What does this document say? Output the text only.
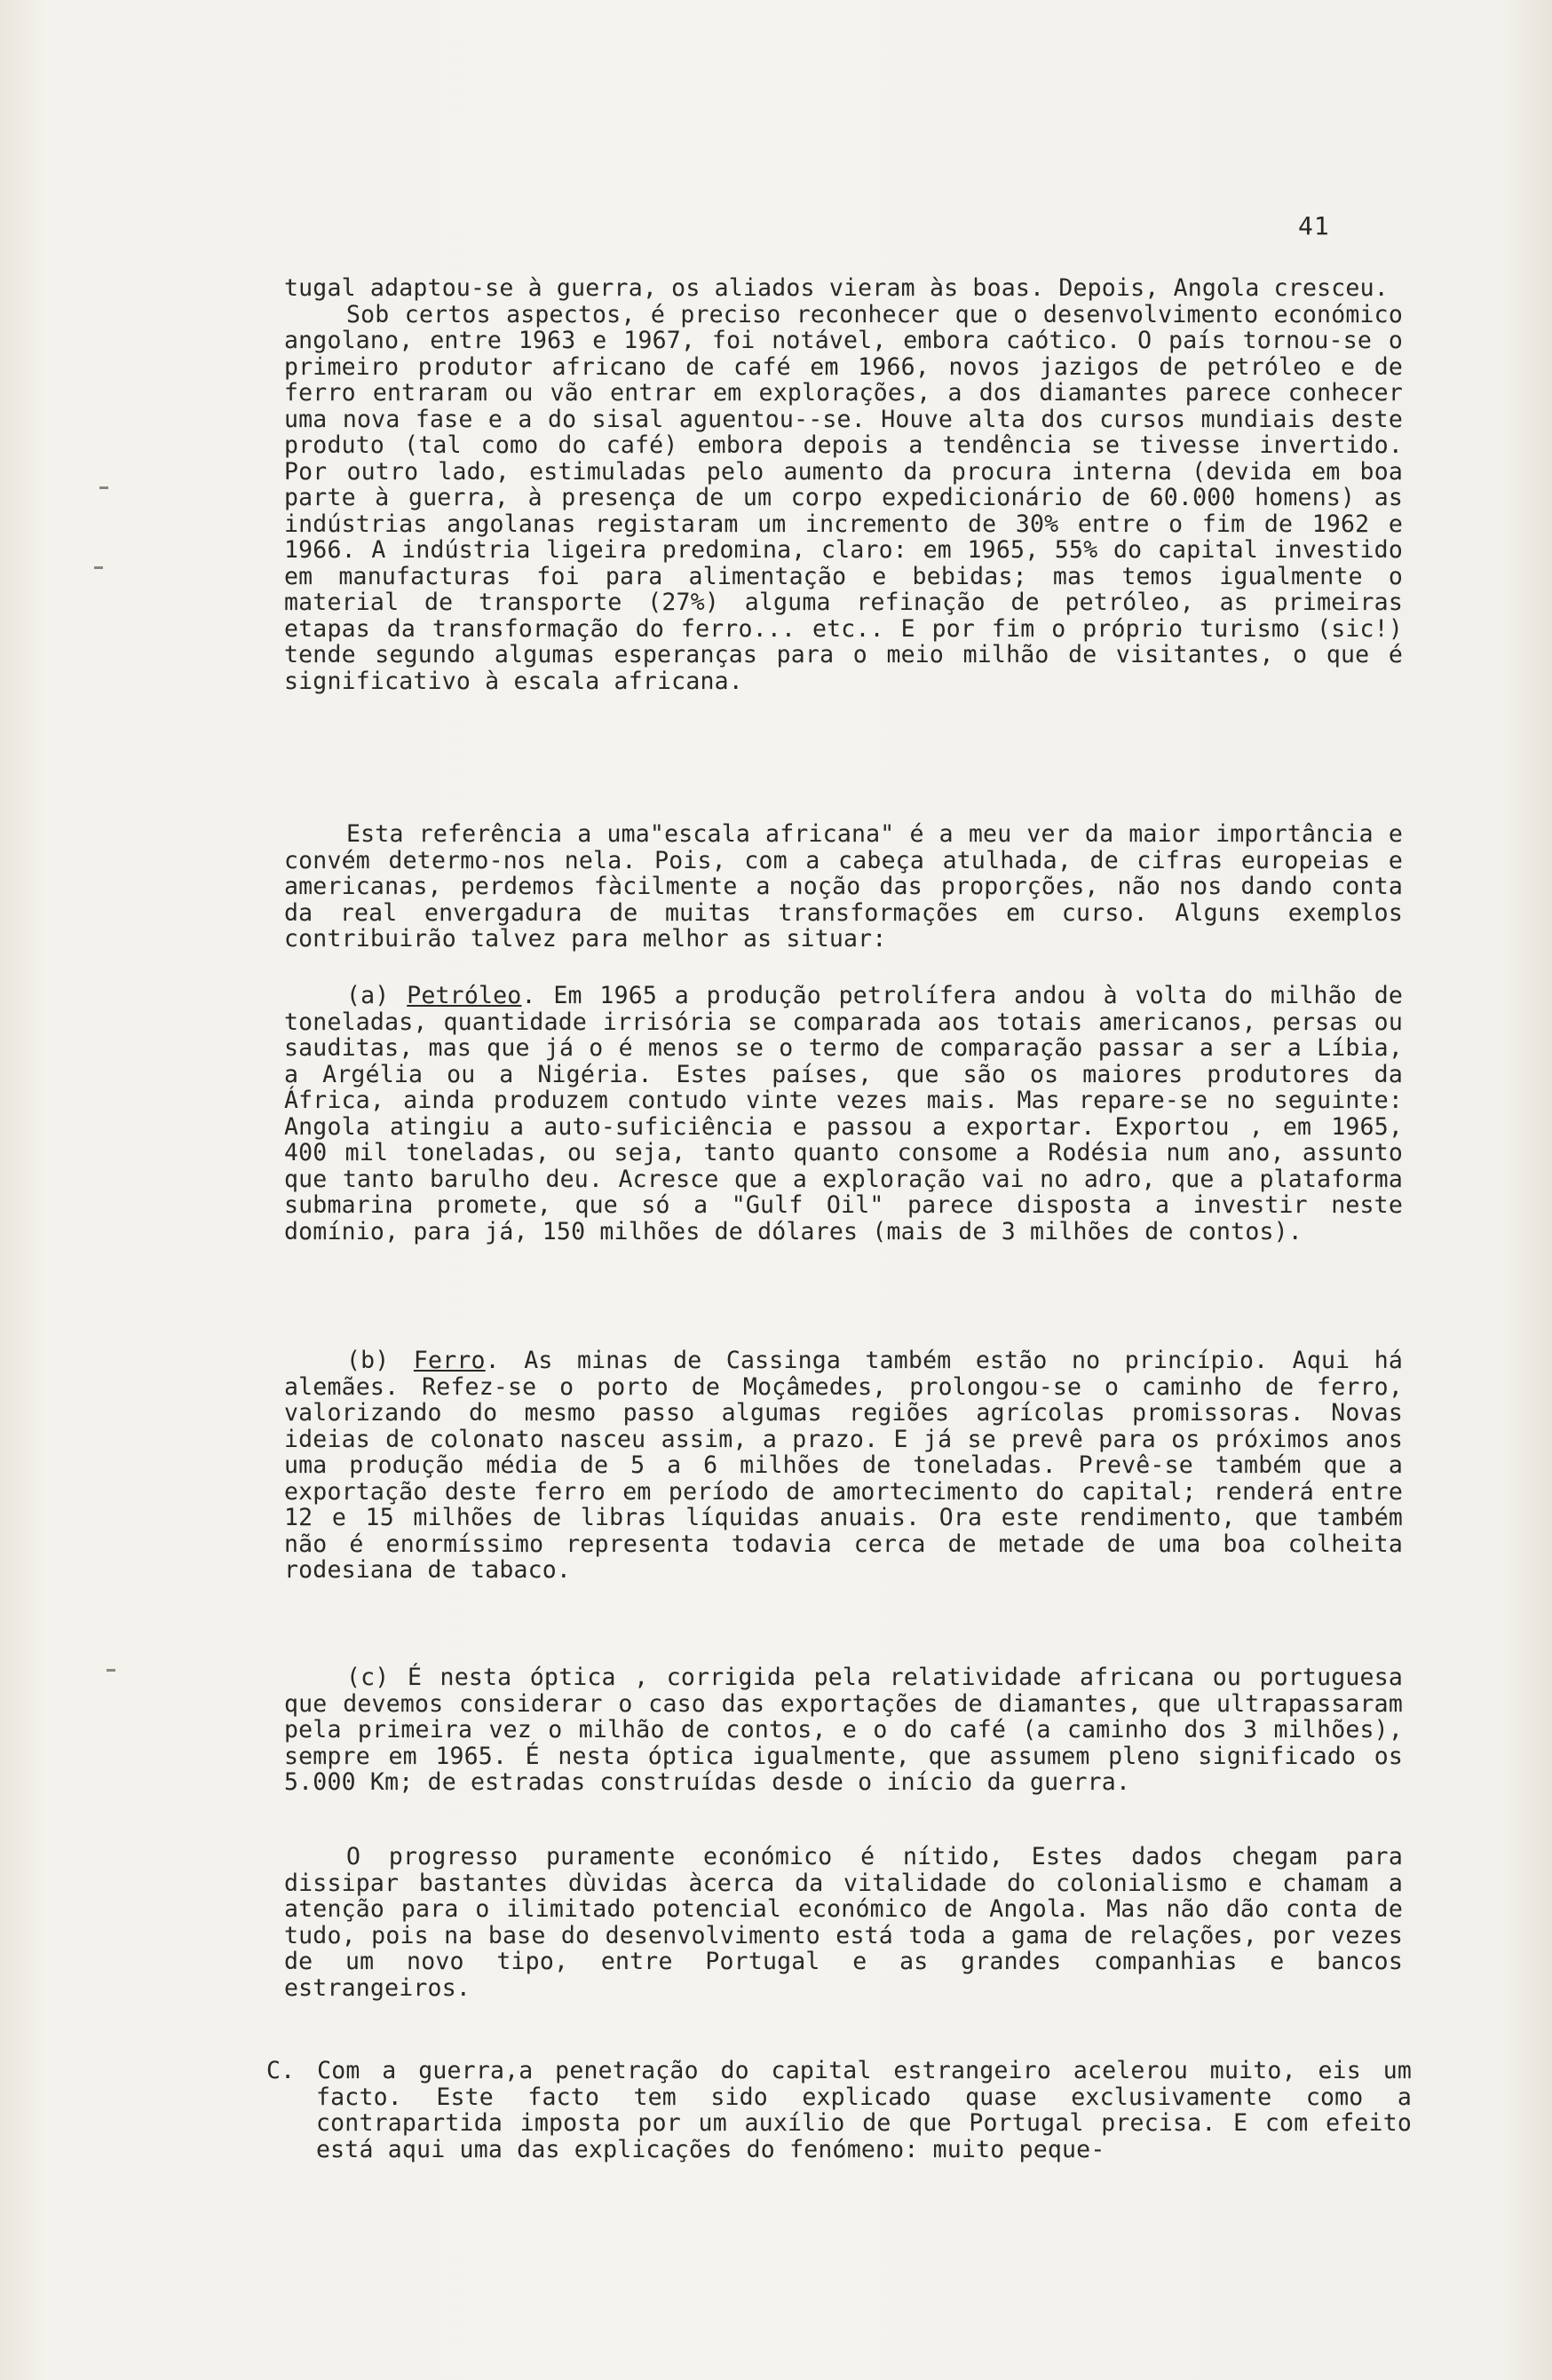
41

tugal adaptou-se à guerra, os aliados vieram às boas. Depois, Angola cresceu.

Sob certos aspectos, é preciso reconhecer que o desenvolvimento económico angolano, entre 1963 e 1967, foi notável, embora caótico. O país tornou-se o primeiro produtor africano de café em 1966, novos jazigos de petróleo e de ferro entraram ou vão entrar em explorações, a dos diamantes parece conhecer uma nova fase e a do sisal aguentou--se. Houve alta dos cursos mundiais deste produto (tal como do café) embora depois a tendência se tivesse invertido. Por outro lado, estimuladas pelo aumento da procura interna (devida em boa parte à guerra, à presença de um corpo expedicionário de 60.000 homens) as indústrias angolanas registaram um incremento de 30% entre o fim de 1962 e 1966. A indústria ligeira predomina, claro: em 1965, 55% do capital investido em manufacturas foi para alimentação e bebidas; mas temos igualmente o material de transporte (27%) alguma refinação de petróleo, as primeiras etapas da transformação do ferro... etc.. E por fim o próprio turismo (sic!) tende segundo algumas esperanças para o meio milhão de visitantes, o que é significativo à escala africana.

Esta referência a uma"escala africana" é a meu ver da maior importância e convém determo-nos nela. Pois, com a cabeça atulhada, de cifras europeias e americanas, perdemos fàcilmente a noção das proporções, não nos dando conta da real envergadura de muitas transformações em curso. Alguns exemplos contribuirão talvez para melhor as situar:

(a) Petróleo. Em 1965 a produção petrolífera andou à volta do milhão de toneladas, quantidade irrisória se comparada aos totais americanos, persas ou sauditas, mas que já o é menos se o termo de comparação passar a ser a Líbia, a Argélia ou a Nigéria. Estes países, que são os maiores produtores da África, ainda produzem contudo vinte vezes mais. Mas repare-se no seguinte: Angola atingiu a auto-suficiência e passou a exportar. Exportou , em 1965, 400 mil toneladas, ou seja, tanto quanto consome a Rodésia num ano, assunto que tanto barulho deu. Acresce que a exploração vai no adro, que a plataforma submarina promete, que só a "Gulf Oil" parece disposta a investir neste domínio, para já, 150 milhões de dólares (mais de 3 milhões de contos).

(b) Ferro. As minas de Cassinga também estão no princípio. Aqui há alemães. Refez-se o porto de Moçâmedes, prolongou-se o caminho de ferro, valorizando do mesmo passo algumas regiões agrícolas promissoras. Novas ideias de colonato nasceu assim, a prazo. E já se prevê para os próximos anos uma produção média de 5 a 6 milhões de toneladas. Prevê-se também que a exportação deste ferro em período de amortecimento do capital; renderá entre 12 e 15 milhões de libras líquidas anuais. Ora este rendimento, que também não é enormíssimo representa todavia cerca de metade de uma boa colheita rodesiana de tabaco.

(c) É nesta óptica , corrigida pela relatividade africana ou portuguesa que devemos considerar o caso das exportações de diamantes, que ultrapassaram pela primeira vez o milhão de contos, e o do café (a caminho dos 3 milhões), sempre em 1965. É nesta óptica igualmente, que assumem pleno significado os 5.000 Km; de estradas construídas desde o início da guerra.

O progresso puramente económico é nítido, Estes dados chegam para dissipar bastantes dùvidas àcerca da vitalidade do colonialismo e chamam a atenção para o ilimitado potencial económico de Angola. Mas não dão conta de tudo, pois na base do desenvolvimento está toda a gama de relações, por vezes de um novo tipo, entre Portugal e as grandes companhias e bancos estrangeiros.

C. Com a guerra,a penetração do capital estrangeiro acelerou muito, eis um facto. Este facto tem sido explicado quase exclusivamente como a contrapartida imposta por um auxílio de que Portugal precisa. E com efeito está aqui uma das explicações do fenómeno: muito peque-
